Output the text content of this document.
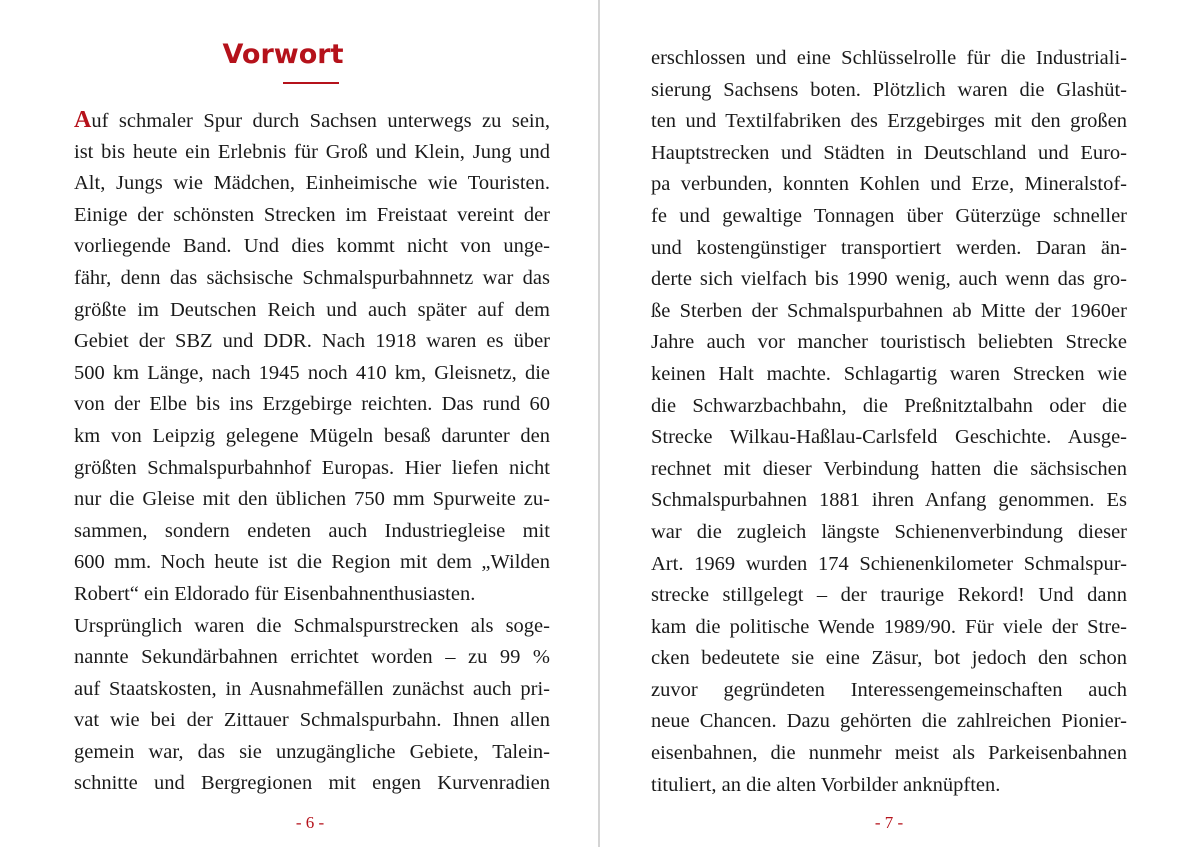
Vorwort
Auf schmaler Spur durch Sachsen unterwegs zu sein,
ist bis heute ein Erlebnis für Groß und Klein, Jung und
Alt, Jungs wie Mädchen, Einheimische wie Touristen.
Einige der schönsten Strecken im Freistaat vereint der
vorliegende Band. Und dies kommt nicht von unge-
fähr, denn das sächsische Schmalspurbahnnetz war das
größte im Deutschen Reich und auch später auf dem
Gebiet der SBZ und DDR. Nach 1918 waren es über
500 km Länge, nach 1945 noch 410 km, Gleisnetz, die
von der Elbe bis ins Erzgebirge reichten. Das rund 60
km von Leipzig gelegene Mügeln besaß darunter den
größten Schmalspurbahnhof Europas. Hier liefen nicht
nur die Gleise mit den üblichen 750 mm Spurweite zu-
sammen, sondern endeten auch Industriegleise mit
600 mm. Noch heute ist die Region mit dem „Wilden
Robert“ ein Eldorado für Eisenbahnenthusiasten.
Ursprünglich waren die Schmalspurstrecken als soge-
nannte Sekundärbahnen errichtet worden – zu 99 %
auf Staatskosten, in Ausnahmefällen zunächst auch pri-
vat wie bei der Zittauer Schmalspurbahn. Ihnen allen
gemein war, das sie unzugängliche Gebiete, Talein-
schnitte und Bergregionen mit engen Kurvenradien
- 6 -
erschlossen und eine Schlüsselrolle für die Industriali-
sierung Sachsens boten. Plötzlich waren die Glashüt-
ten und Textilfabriken des Erzgebirges mit den großen
Hauptstrecken und Städten in Deutschland und Euro-
pa verbunden, konnten Kohlen und Erze, Mineralstof-
fe und gewaltige Tonnagen über Güterzüge schneller
und kostengünstiger transportiert werden. Daran än-
derte sich vielfach bis 1990 wenig, auch wenn das gro-
ße Sterben der Schmalspurbahnen ab Mitte der 1960er
Jahre auch vor mancher touristisch beliebten Strecke
keinen Halt machte. Schlagartig waren Strecken wie
die Schwarzbachbahn, die Preßnitztalbahn oder die
Strecke Wilkau-Haßlau-Carlsfeld Geschichte. Ausge-
rechnet mit dieser Verbindung hatten die sächsischen
Schmalspurbahnen 1881 ihren Anfang genommen. Es
war die zugleich längste Schienenverbindung dieser
Art. 1969 wurden 174 Schienenkilometer Schmalspur-
strecke stillgelegt – der traurige Rekord! Und dann
kam die politische Wende 1989/90. Für viele der Stre-
cken bedeutete sie eine Zäsur, bot jedoch den schon
zuvor gegründeten Interessengemeinschaften auch
neue Chancen. Dazu gehörten die zahlreichen Pionier-
eisenbahnen, die nunmehr meist als Parkeisenbahnen
tituliert, an die alten Vorbilder anknüpften.
- 7 -
